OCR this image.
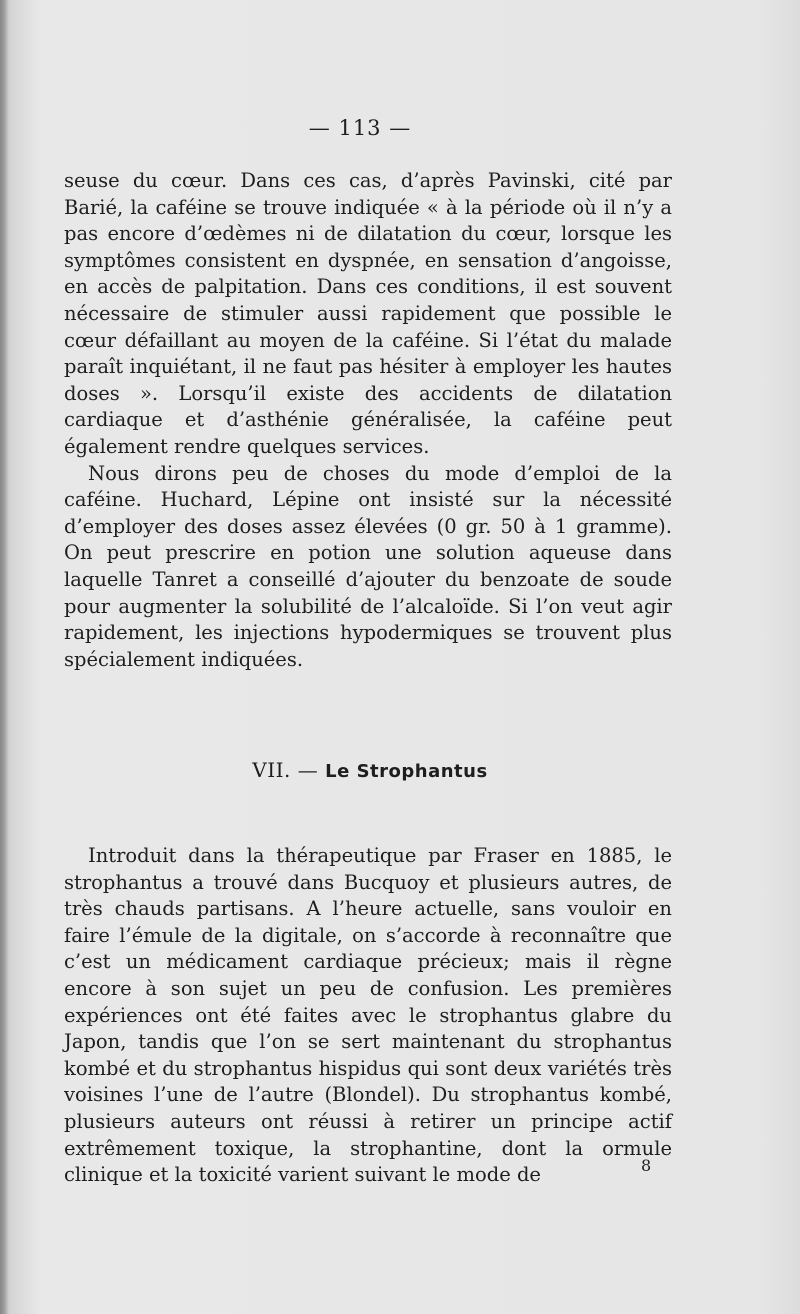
— 113 —

seuse du cœur. Dans ces cas, d’après Pavinski, cité par Barié, la caféine se trouve indiquée « à la période où il n’y a pas encore d’œdèmes ni de dilatation du cœur, lorsque les symptômes consistent en dyspnée, en sensation d’angoisse, en accès de palpitation. Dans ces conditions, il est souvent nécessaire de stimuler aussi rapidement que possible le cœur défaillant au moyen de la caféine. Si l’état du malade paraît inquiétant, il ne faut pas hésiter à employer les hautes doses ». Lorsqu’il existe des accidents de dilatation cardiaque et d’asthénie généralisée, la caféine peut également rendre quelques services.

Nous dirons peu de choses du mode d’emploi de la caféine. Huchard, Lépine ont insisté sur la nécessité d’employer des doses assez élevées (0 gr. 50 à 1 gramme). On peut prescrire en potion une solution aqueuse dans laquelle Tanret a conseillé d’ajouter du benzoate de soude pour augmenter la solubilité de l’alcaloïde. Si l’on veut agir rapidement, les injections hypodermiques se trouvent plus spécialement indiquées.

VII. — Le Strophantus

Introduit dans la thérapeutique par Fraser en 1885, le strophantus a trouvé dans Bucquoy et plusieurs autres, de très chauds partisans. A l’heure actuelle, sans vouloir en faire l’émule de la digitale, on s’accorde à reconnaître que c’est un médicament cardiaque précieux; mais il règne encore à son sujet un peu de confusion. Les premières expériences ont été faites avec le strophantus glabre du Japon, tandis que l’on se sert maintenant du strophantus kombé et du strophantus hispidus qui sont deux variétés très voisines l’une de l’autre (Blondel). Du strophantus kombé, plusieurs auteurs ont réussi à retirer un principe actif extrêmement toxique, la strophantine, dont la ormule clinique et la toxicité varient suivant le mode de	8
